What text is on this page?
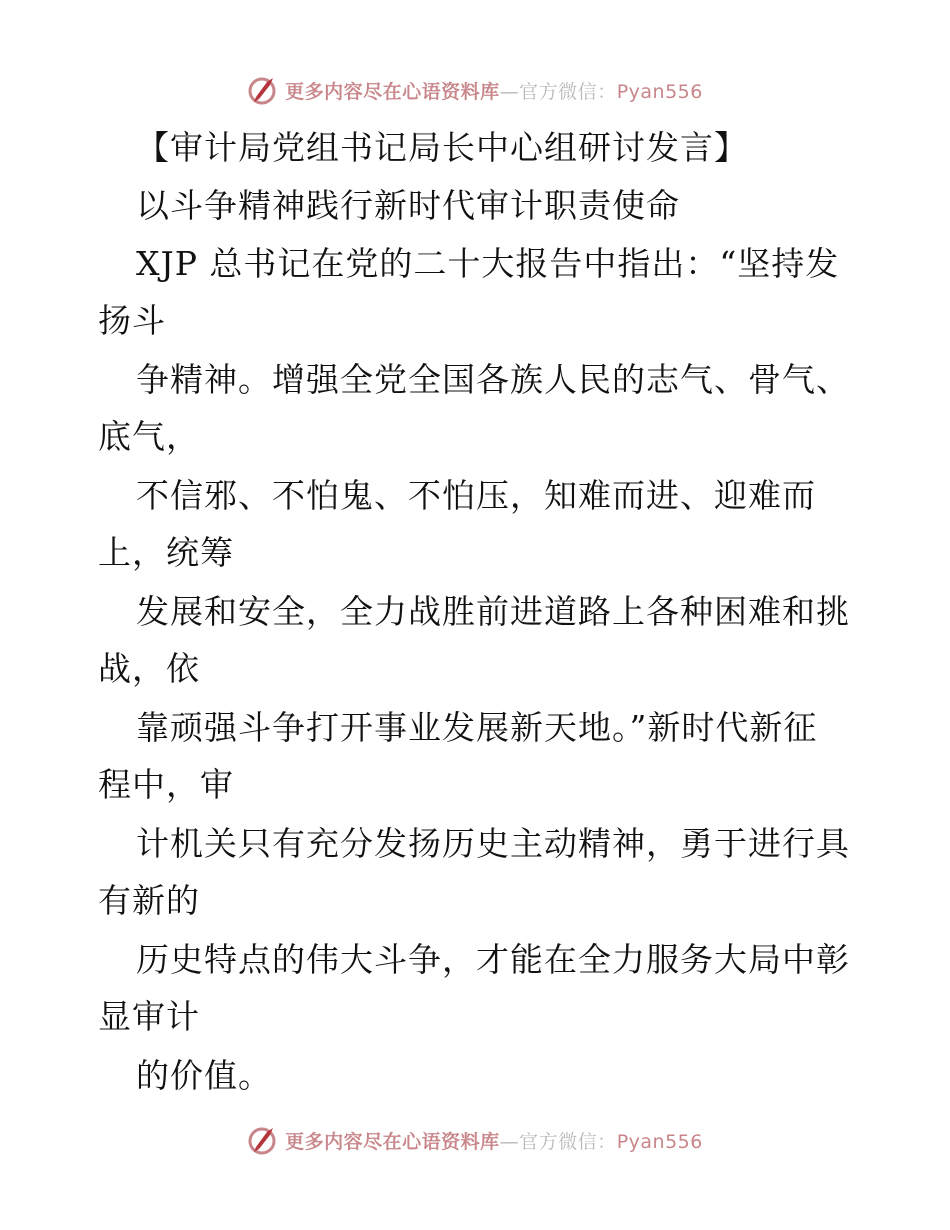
更多内容尽在心语资料库—官方微信：Pyan556
【审计局党组书记局长中心组研讨发言】
以斗争精神践行新时代审计职责使命
XJP 总书记在党的二十大报告中指出：“坚持发
扬斗
争精神。增强全党全国各族人民的志气、骨气、
底气，
不信邪、不怕鬼、不怕压，知难而进、迎难而
上，统筹
发展和安全，全力战胜前进道路上各种困难和挑
战，依
靠顽强斗争打开事业发展新天地。”新时代新征
程中，审
计机关只有充分发扬历史主动精神，勇于进行具
有新的
历史特点的伟大斗争，才能在全力服务大局中彰
显审计
的价值。
更多内容尽在心语资料库—官方微信：Pyan556
